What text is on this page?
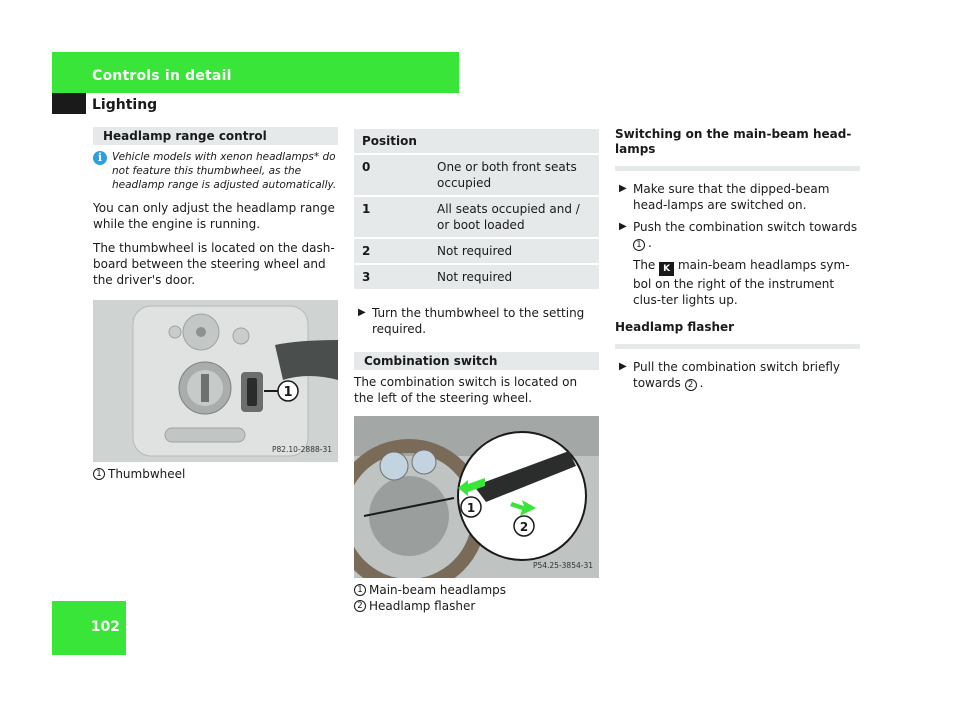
Controls in detail
Lighting
Headlamp range control
i Vehicle models with xenon headlamps* do not feature this thumbwheel, as the headlamp range is adjusted automatically.

You can only adjust the headlamp range while the engine is running.

The thumbwheel is located on the dash-board between the steering wheel and the driver's door.

1
P82.10-2888-31
1 Thumbwheel
Position	
0	One or both front seats occupied
1	All seats occupied and / or boot loaded
2	Not required
3	Not required
▶ Turn the thumbwheel to the setting required.
Combination switch

The combination switch is located on the left of the steering wheel.

1
2
P54.25-3854-31
1 Main-beam headlamps
2 Headlamp flasher
Switching on the main-beam head-lamps
▶ Make sure that the dipped-beam head-lamps are switched on.
▶ Push the combination switch towards 1 .
The K main-beam headlamps sym-bol on the right of the instrument clus-ter lights up.
Headlamp flasher
▶ Pull the combination switch briefly towards 2 .
102
